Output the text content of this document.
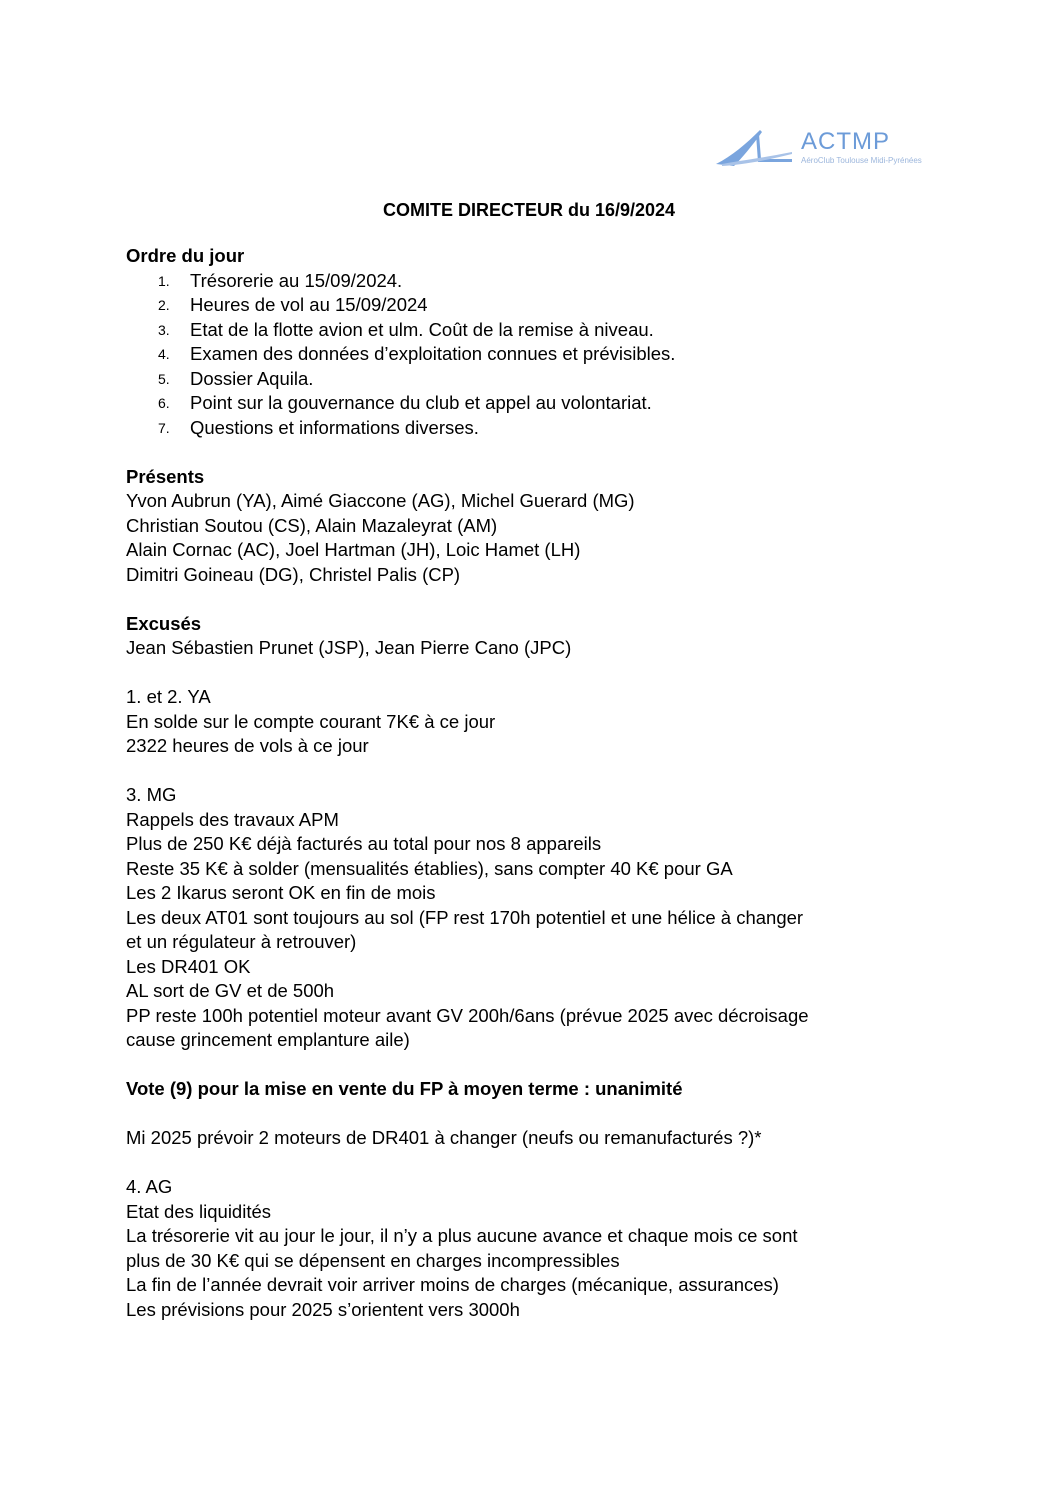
ACTMP
AéroClub Toulouse Midi-Pyrénées
COMITE DIRECTEUR du 16/9/2024

Ordre du jour

1.	Trésorerie au 15/09/2024.
2.	Heures de vol au 15/09/2024
3.	Etat de la flotte avion et ulm. Coût de la remise à niveau.
4.	Examen des données d’exploitation connues et prévisibles.
5.	Dossier Aquila.
6.	Point sur la gouvernance du club et appel au volontariat.
7.	Questions et informations diverses.

Présents

Yvon Aubrun (YA), Aimé Giaccone (AG), Michel Guerard (MG)

Christian Soutou (CS), Alain Mazaleyrat (AM)

Alain Cornac (AC), Joel Hartman (JH), Loic Hamet (LH)

Dimitri Goineau (DG), Christel Palis (CP)

Excusés

Jean Sébastien Prunet (JSP), Jean Pierre Cano (JPC)

1. et 2. YA

En solde sur le compte courant 7K€ à ce jour

2322 heures de vols à ce jour

3. MG

Rappels des travaux APM

Plus de 250 K€ déjà facturés au total pour nos 8 appareils

Reste 35 K€ à solder (mensualités établies), sans compter 40 K€ pour GA

Les 2 Ikarus seront OK en fin de mois

Les deux AT01 sont toujours au sol (FP rest 170h potentiel et une hélice à changer

et un régulateur à retrouver)

Les DR401 OK

AL sort de GV et de 500h

PP reste 100h potentiel moteur avant GV 200h/6ans (prévue 2025 avec décroisage

cause grincement emplanture aile)

Vote (9) pour la mise en vente du FP à moyen terme : unanimité

Mi 2025 prévoir 2 moteurs de DR401 à changer (neufs ou remanufacturés ?)*

4. AG

Etat des liquidités

La trésorerie vit au jour le jour, il n’y a plus aucune avance et chaque mois ce sont

plus de 30 K€ qui se dépensent en charges incompressibles

La fin de l’année devrait voir arriver moins de charges (mécanique, assurances)

Les prévisions pour 2025 s’orientent vers 3000h
